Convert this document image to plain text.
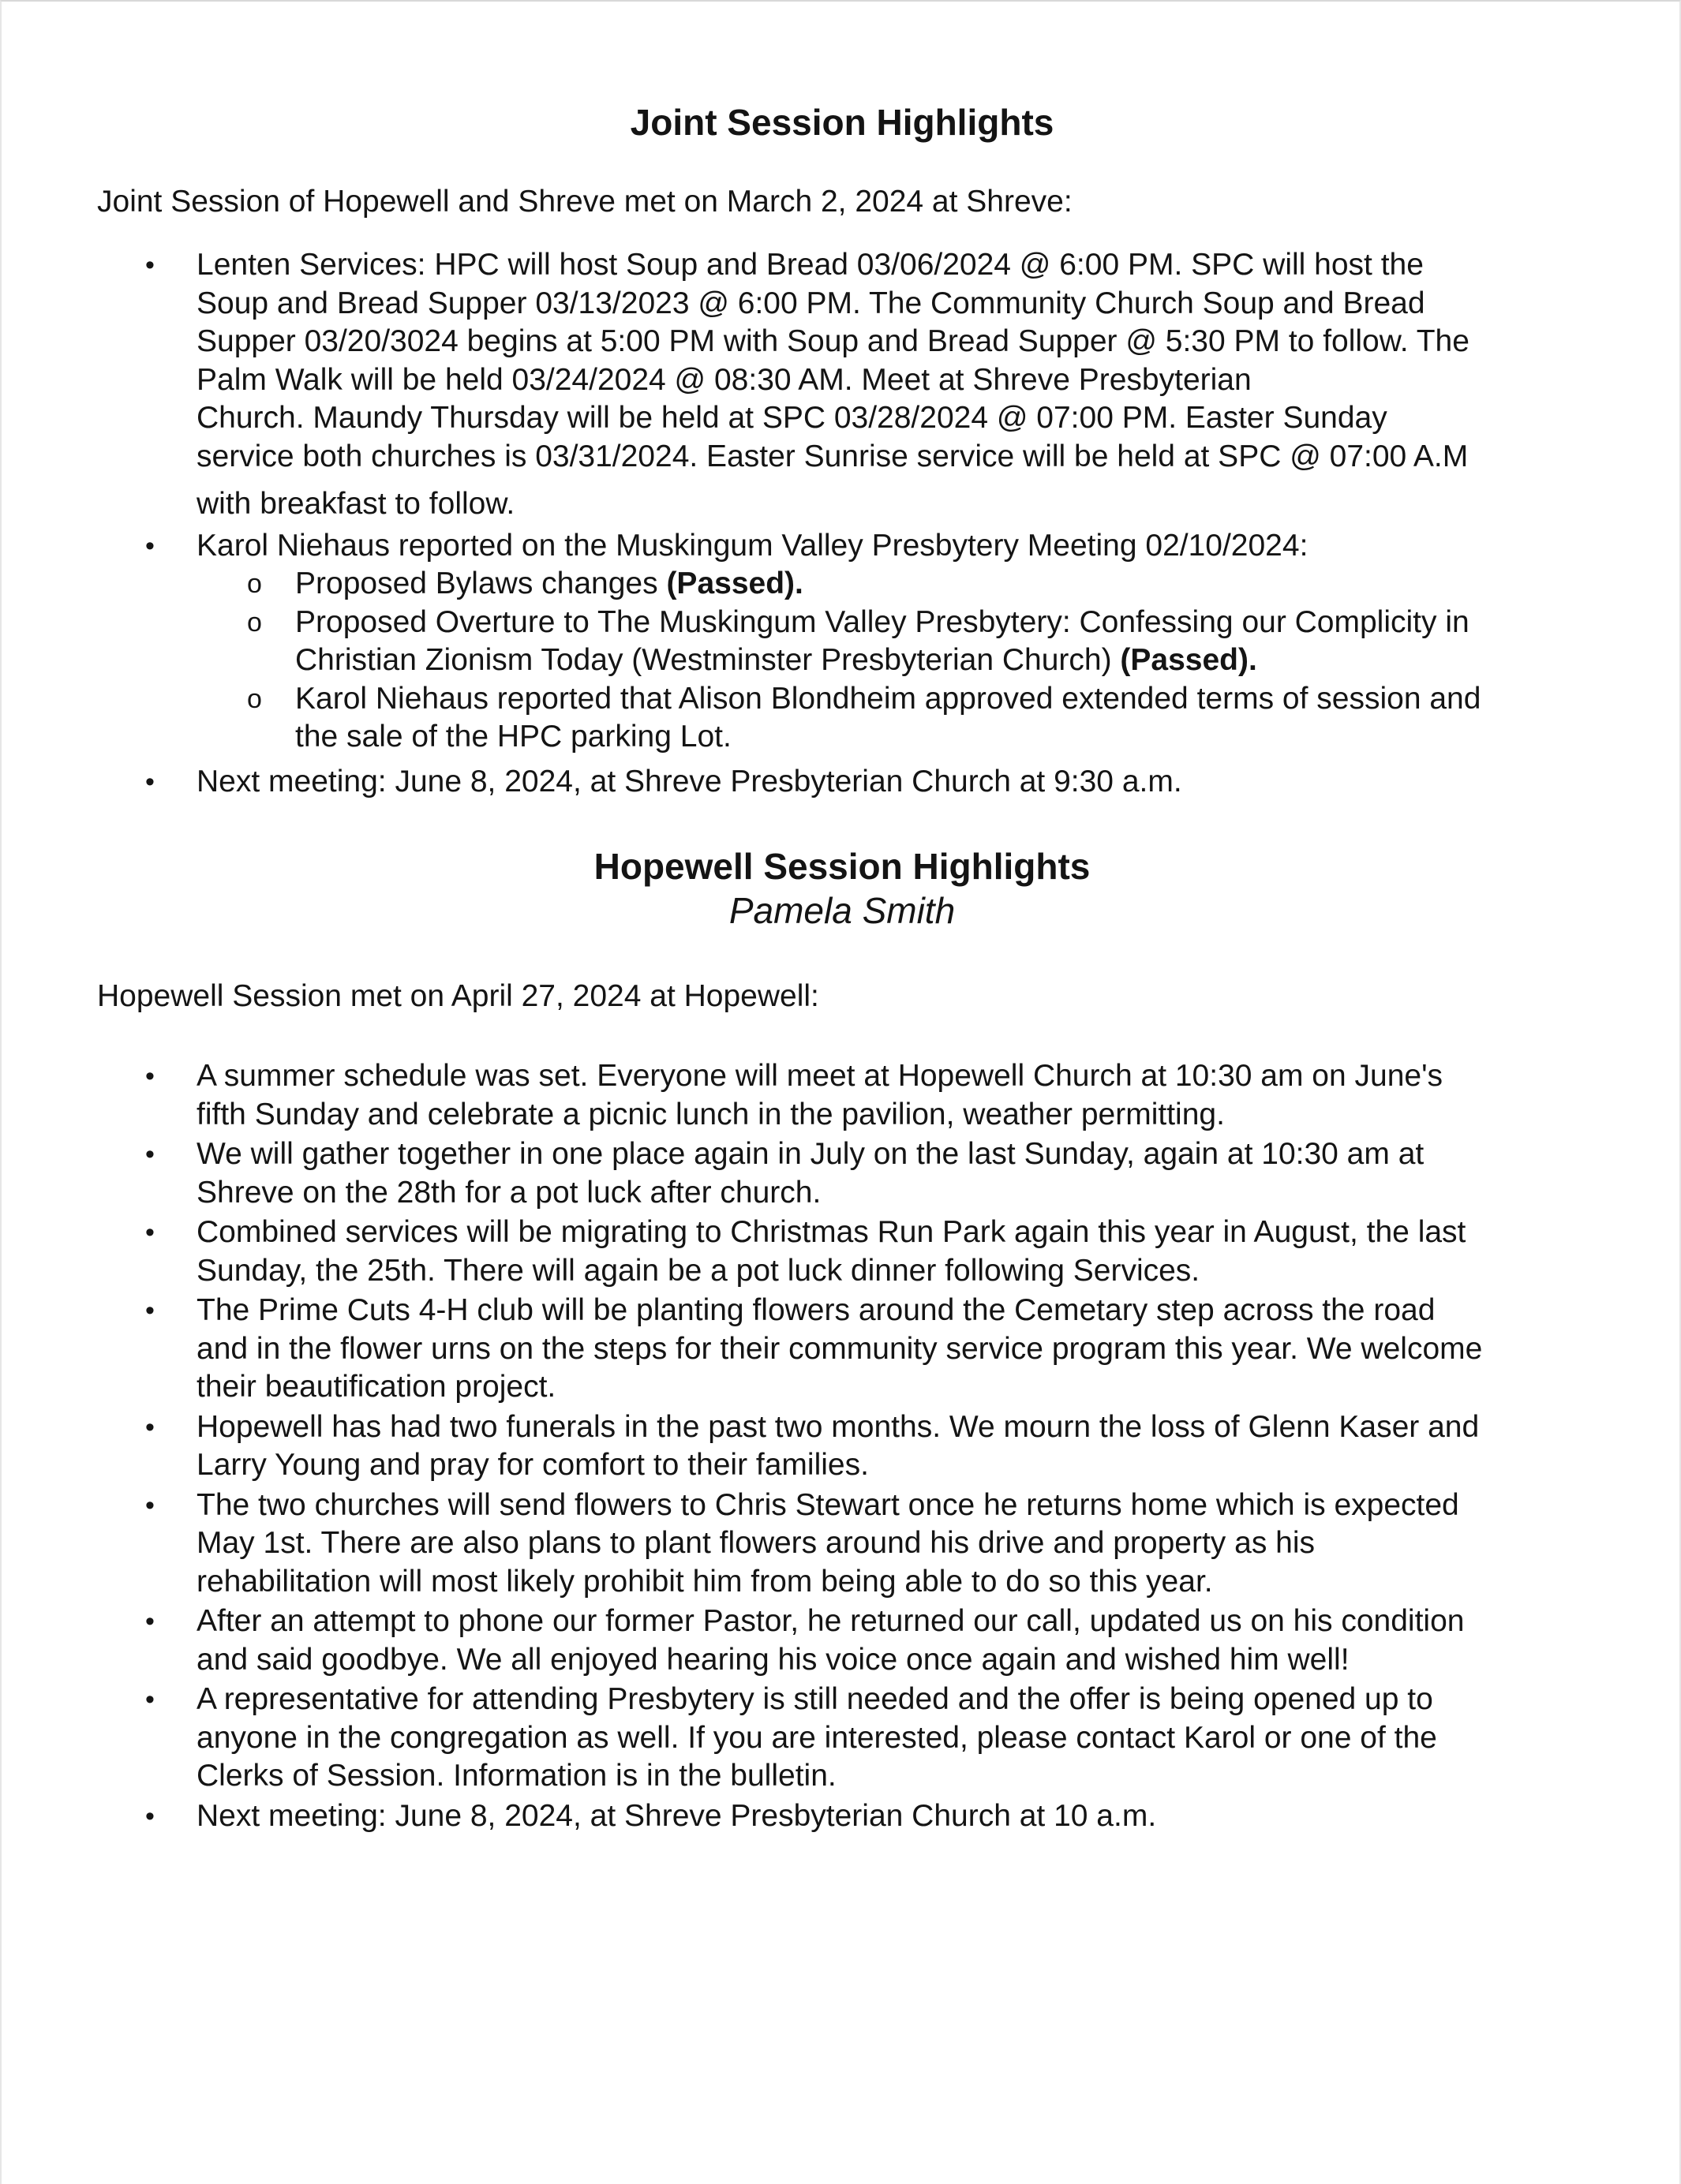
Joint Session Highlights

Joint Session of Hopewell and Shreve met on March 2, 2024 at Shreve:

•	Lenten Services: HPC will host Soup and Bread 03/06/2024 @ 6:00 PM. SPC will host the
Soup and Bread Supper 03/13/2023 @ 6:00 PM. The Community Church Soup and Bread
Supper 03/20/3024 begins at 5:00 PM with Soup and Bread Supper @ 5:30 PM to follow. The
Palm Walk will be held 03/24/2024 @ 08:30 AM. Meet at Shreve Presbyterian
Church. Maundy Thursday will be held at SPC 03/28/2024 @ 07:00 PM. Easter Sunday
service both churches is 03/31/2024. Easter Sunrise service will be held at SPC @ 07:00 A.M
with breakfast to follow.
•	Karol Niehaus reported on the Muskingum Valley Presbytery Meeting 02/10/2024:
o Proposed Bylaws changes (Passed).
o Proposed Overture to The Muskingum Valley Presbytery: Confessing our Complicity in
Christian Zionism Today (Westminster Presbyterian Church) (Passed).
o Karol Niehaus reported that Alison Blondheim approved extended terms of session and
the sale of the HPC parking Lot.
•	Next meeting: June 8, 2024, at Shreve Presbyterian Church at 9:30 a.m.
Hopewell Session Highlights

Pamela Smith

Hopewell Session met on April 27, 2024 at Hopewell:

•	A summer schedule was set. Everyone will meet at Hopewell Church at 10:30 am on June's
fifth Sunday and celebrate a picnic lunch in the pavilion, weather permitting.
•	We will gather together in one place again in July on the last Sunday, again at 10:30 am at
Shreve on the 28th for a pot luck after church.
•	Combined services will be migrating to Christmas Run Park again this year in August, the last
Sunday, the 25th. There will again be a pot luck dinner following Services.
•	The Prime Cuts 4-H club will be planting flowers around the Cemetary step across the road
and in the flower urns on the steps for their community service program this year. We welcome
their beautification project.
•	Hopewell has had two funerals in the past two months. We mourn the loss of Glenn Kaser and
Larry Young and pray for comfort to their families.
•	The two churches will send flowers to Chris Stewart once he returns home which is expected
May 1st. There are also plans to plant flowers around his drive and property as his
rehabilitation will most likely prohibit him from being able to do so this year.
•	After an attempt to phone our former Pastor, he returned our call, updated us on his condition
and said goodbye. We all enjoyed hearing his voice once again and wished him well!
•	A representative for attending Presbytery is still needed and the offer is being opened up to
anyone in the congregation as well. If you are interested, please contact Karol or one of the
Clerks of Session. Information is in the bulletin.
•	Next meeting: June 8, 2024, at Shreve Presbyterian Church at 10 a.m.
